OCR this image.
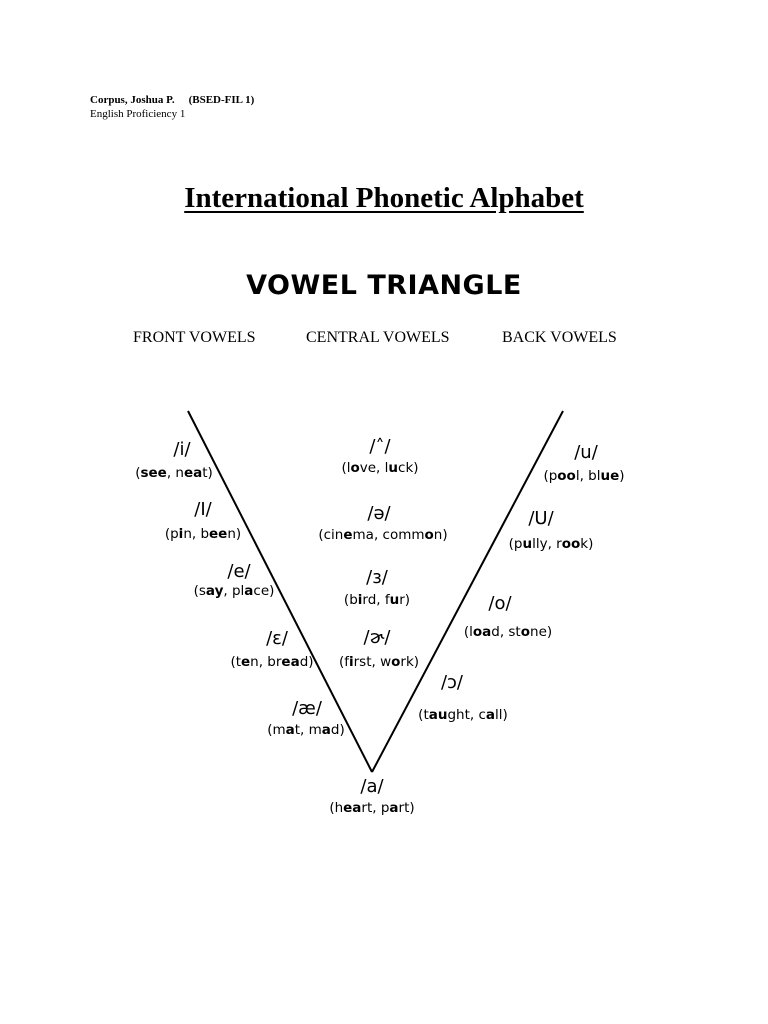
Corpus, Joshua P. (BSED-FIL 1)
English Proficiency 1
International Phonetic Alphabet
VOWEL TRIANGLE
FRONT VOWELS	CENTRAL VOWELS	BACK VOWELS
/i/
(see, neat)
/I/
(pin, been)
/e/
(say, place)
/ɛ/
(ten, bread)
/æ/
(mat, mad)
/˄/
(love, luck)
/ə/
(cinema, common)
/ɜ/
(bird, fur)
/ɚ/
(first, work)
/u/
(pool, blue)
/U/
(pully, rook)
/o/
(load, stone)
/ɔ/
(taught, call)
/a/
(heart, part)
